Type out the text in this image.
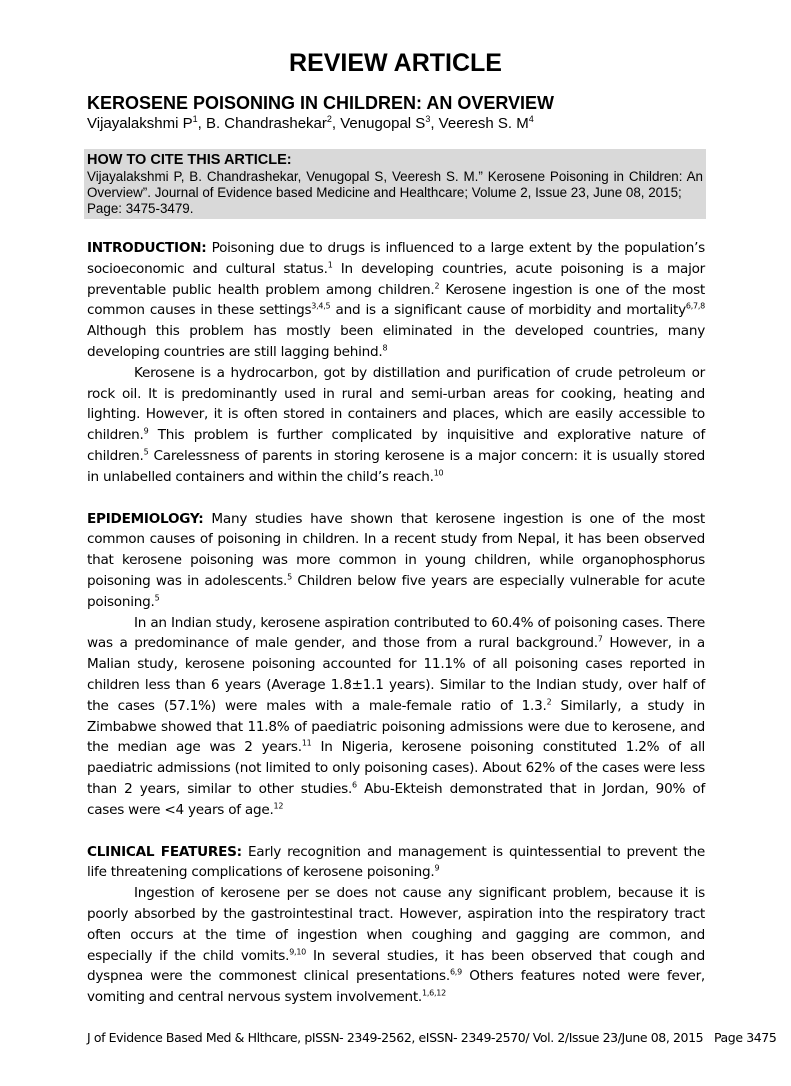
REVIEW ARTICLE
KEROSENE POISONING IN CHILDREN: AN OVERVIEW
Vijayalakshmi $P^1$, B. Chandrashekar$^2$, Venugopal $S^3$, Veeresh S. $M^4$
HOW TO CITE THIS ARTICLE:
Vijayalakshmi P, B. Chandrashekar, Venugopal S, Veeresh S. M.” Kerosene Poisoning in Children: An Overview”. Journal of Evidence based Medicine and Healthcare; Volume 2, Issue 23, June 08, 2015;
Page: 3475-3479.

INTRODUCTION: Poisoning due to drugs is influenced to a large extent by the population’s socioeconomic and cultural status.$^1$ In developing countries, acute poisoning is a major preventable public health problem among children.$^2$ Kerosene ingestion is one of the most common causes in these settings$^{3,4,5}$ and is a significant cause of morbidity and mortality$^{6,7,8}$ Although this problem has mostly been eliminated in the developed countries, many developing countries are still lagging behind.$^8$

Kerosene is a hydrocarbon, got by distillation and purification of crude petroleum or rock oil. It is predominantly used in rural and semi-urban areas for cooking, heating and lighting. However, it is often stored in containers and places, which are easily accessible to children.$^9$ This problem is further complicated by inquisitive and explorative nature of children.$^5$ Carelessness of parents in storing kerosene is a major concern: it is usually stored in unlabelled containers and within the child’s reach.$^{10}$

EPIDEMIOLOGY: Many studies have shown that kerosene ingestion is one of the most common causes of poisoning in children. In a recent study from Nepal, it has been observed that kerosene poisoning was more common in young children, while organophosphorus poisoning was in adolescents.$^5$ Children below five years are especially vulnerable for acute poisoning.$^5$

In an Indian study, kerosene aspiration contributed to 60.4% of poisoning cases. There was a predominance of male gender, and those from a rural background.$^7$ However, in a Malian study, kerosene poisoning accounted for 11.1% of all poisoning cases reported in children less than 6 years (Average 1.8±1.1 years). Similar to the Indian study, over half of the cases (57.1%) were males with a male-female ratio of 1.3.$^2$ Similarly, a study in Zimbabwe showed that 11.8% of paediatric poisoning admissions were due to kerosene, and the median age was 2 years.$^{11}$ In Nigeria, kerosene poisoning constituted 1.2% of all paediatric admissions (not limited to only poisoning cases). About 62% of the cases were less than 2 years, similar to other studies.$^6$ Abu-Ekteish demonstrated that in Jordan, 90% of cases were <4 years of age.$^{12}$

CLINICAL FEATURES: Early recognition and management is quintessential to prevent the life threatening complications of kerosene poisoning.$^9$

Ingestion of kerosene per se does not cause any significant problem, because it is poorly absorbed by the gastrointestinal tract. However, aspiration into the respiratory tract often occurs at the time of ingestion when coughing and gagging are common, and especially if the child vomits.$^{9,10}$ In several studies, it has been observed that cough and dyspnea were the commonest clinical presentations.$^{6,9}$ Others features noted were fever, vomiting and central nervous system involvement.$^{1,6,12}$

J of Evidence Based Med & Hlthcare, pISSN- 2349-2562, eISSN- 2349-2570/ Vol. 2/Issue 23/June 08, 2015 Page 3475
